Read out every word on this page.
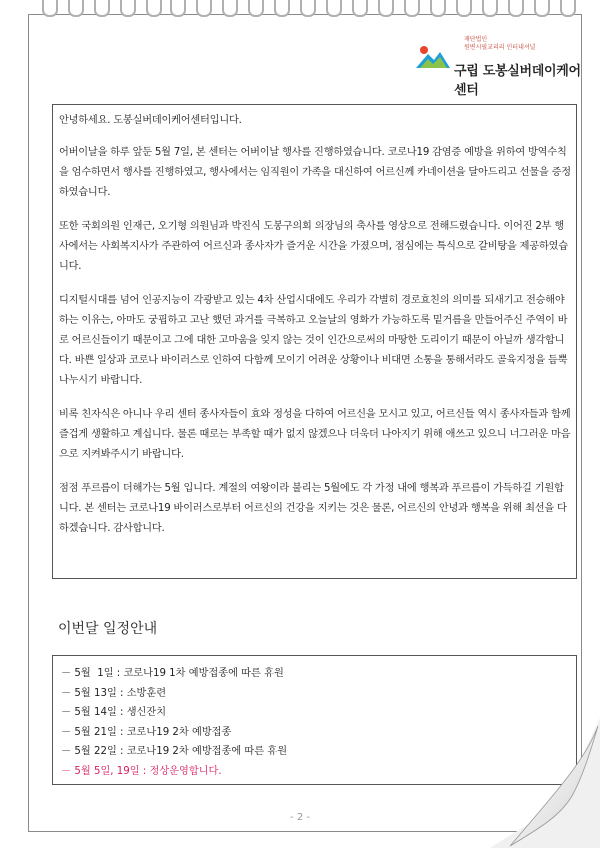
재단법인
원변시필교리리 인터내셔널
구립 도봉실버데이케어센터

안녕하세요. 도봉실버데이케어센터입니다.

어버이날을 하루 앞둔 5월 7일, 본 센터는 어버이날 행사를 진행하였습니다. 코로나19 감염증 예방을 위하여 방역수칙을 엄수하면서 행사를 진행하였고, 행사에서는 임직원이 가족을 대신하여 어르신께 카네이션을 달아드리고 선물을 증정하였습니다.

또한 국회의원 인재근, 오기형 의원님과 박진식 도봉구의회 의장님의 축사를 영상으로 전해드렸습니다. 이어진 2부 행사에서는 사회복지사가 주관하여 어르신과 종사자가 즐거운 시간을 가졌으며, 점심에는 특식으로 갈비탕을 제공하였습니다.

디지털시대를 넘어 인공지능이 각광받고 있는 4차 산업시대에도 우리가 각별히 경로효친의 의미를 되새기고 전승해야 하는 이유는, 아마도 궁핍하고 고난 했던 과거를 극복하고 오늘날의 영화가 가능하도록 밑거름을 만들어주신 주역이 바로 어르신들이기 때문이고 그에 대한 고마움을 잊지 않는 것이 인간으로써의 마땅한 도리이기 때문이 아닐까 생각합니다. 바쁜 일상과 코로나 바이러스로 인하여 다함께 모이기 어려운 상황이나 비대면 소통을 통해서라도 골육지정을 듬뿍 나누시기 바랍니다.

비록 친자식은 아니나 우리 센터 종사자들이 효와 정성을 다하여 어르신을 모시고 있고, 어르신들 역시 종사자들과 함께 즐겁게 생활하고 계십니다. 물론 때로는 부족할 때가 없지 않겠으나 더욱더 나아지기 위해 애쓰고 있으니 너그러운 마음으로 지켜봐주시기 바랍니다.

점점 푸르름이 더해가는 5월 입니다. 계절의 여왕이라 불리는 5월에도 각 가정 내에 행복과 푸르름이 가득하길 기원합니다. 본 센터는 코로나19 바이러스로부터 어르신의 건강을 지키는 것은 물론, 어르신의 안녕과 행복을 위해 최선을 다하겠습니다. 감사합니다.

이번달 일정안내
－ 5월  1일 : 코로나19 1차 예방접종에 따른 휴원
－ 5월 13일 : 소방훈련
－ 5월 14일 : 생신잔치
－ 5월 21일 : 코로나19 2차 예방접종
－ 5월 22일 : 코로나19 2차 예방접종에 따른 휴원
－ 5월 5일, 19일 : 정상운영합니다.
- 2 -
